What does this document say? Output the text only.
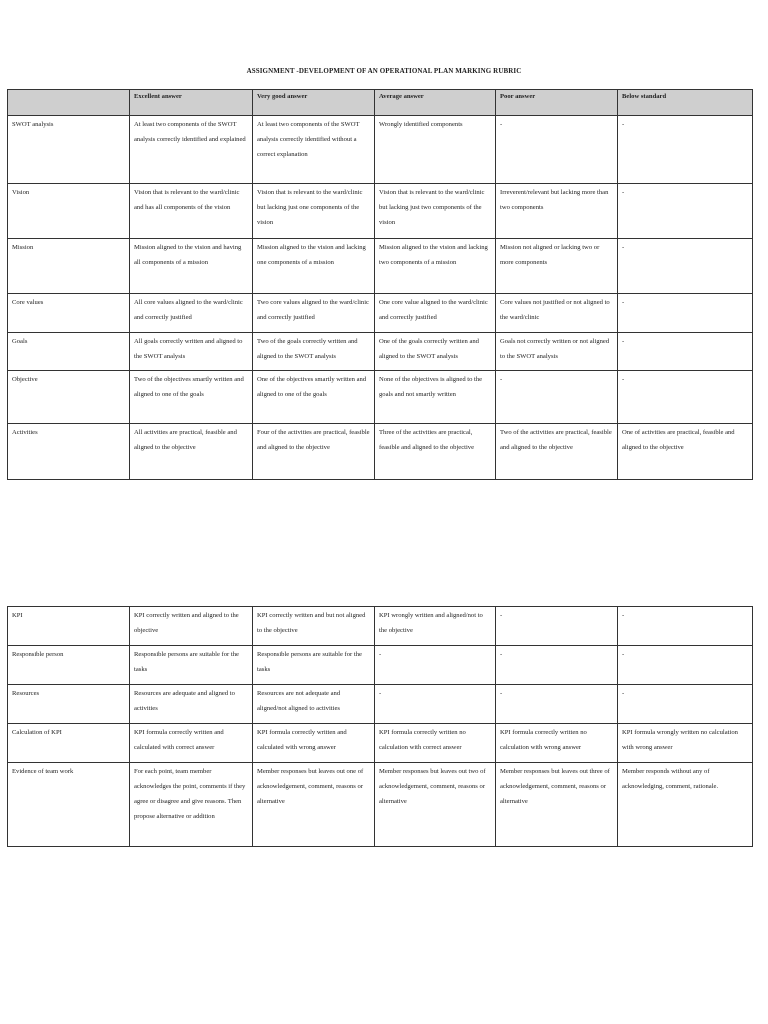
ASSIGNMENT -DEVELOPMENT OF AN OPERATIONAL PLAN MARKING RUBRIC
	Excellent answer	Very good answer	Average answer	Poor answer	Below standard
SWOT analysis	At least two components of the SWOT analysis correctly identified and explained	At least two components of the SWOT analysis correctly identified without a correct explanation	Wrongly identified components	-	-
Vision	Vision that is relevant to the ward/clinic and has all components of the vision	Vision that is relevant to the ward/clinic but lacking just one components of the vision	Vision that is relevant to the ward/clinic but lacking just two components of the vision	Irreverent/relevant but lacking more than two components	-
Mission	Mission aligned to the vision and having all components of a mission	Mission aligned to the vision and lacking one components of a mission	Mission aligned to the vision and lacking two components of a mission	Mission not aligned or lacking two or more components	-
Core values	All core values aligned to the ward/clinic and correctly justified	Two core values aligned to the ward/clinic and correctly justified	One core value aligned to the ward/clinic and correctly justified	Core values not justified or not aligned to the ward/clinic	-
Goals	All goals correctly written and aligned to the SWOT analysis	Two of the goals correctly written and aligned to the SWOT analysis	One of the goals correctly written and aligned to the SWOT analysis	Goals not correctly written or not aligned to the SWOT analysis	-
Objective	Two of the objectives smartly written and aligned to one of the goals	One of the objectives smartly written and aligned to one of the goals	None of the objectives is aligned to the goals and not smartly written	-	-
Activities	All activities are practical, feasible and aligned to the objective	Four of the activities are practical, feasible and aligned to the objective	Three of the activities are practical, feasible and aligned to the objective	Two of the activities are practical, feasible and aligned to the objective	One of activities are practical, feasible and aligned to the objective
KPI	KPI correctly written and aligned to the objective	KPI correctly written and but not aligned to the objective	KPI wrongly written and aligned/not to the objective	-	-
Responsible person	Responsible persons are suitable for the tasks	Responsible persons are suitable for the tasks	-	-	-
Resources	Resources are adequate and aligned to activities	Resources are not adequate and aligned/not aligned to activities	-	-	-
Calculation of KPI	KPI formula correctly written and calculated with correct answer	KPI formula correctly written and calculated with wrong answer	KPI formula correctly written no calculation with correct answer	KPI formula correctly written no calculation with wrong answer	KPI formula wrongly written no calculation with wrong answer
Evidence of team work	For each point, team member acknowledges the point, comments if they agree or disagree and give reasons. Then propose alternative or addition	Member responses but leaves out one of acknowledgement, comment, reasons or alternative	Member responses but leaves out two of acknowledgement, comment, reasons or alternative	Member responses but leaves out three of acknowledgement, comment, reasons or alternative	Member responds without any of acknowledging, comment, rationale.
